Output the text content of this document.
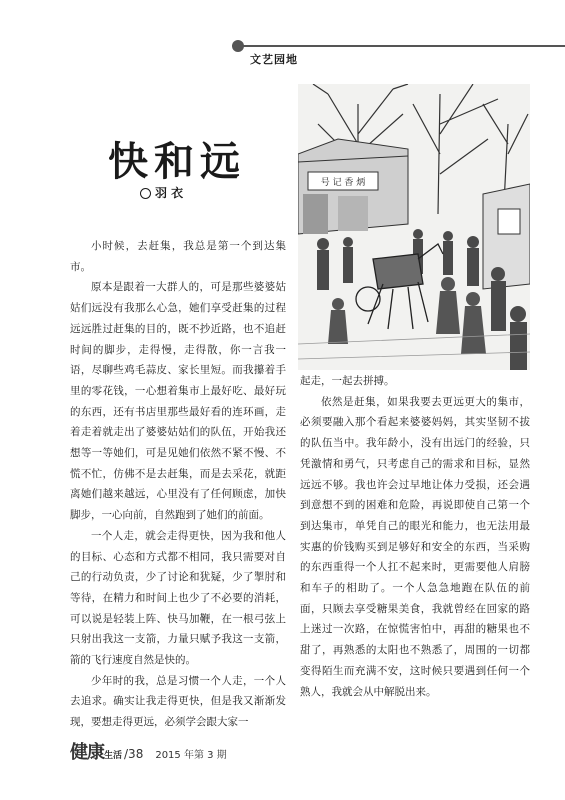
文艺园地
快和远
羽 衣
号 记 香 炳

小时候，去赶集，我总是第一个到达集市。

原本是跟着一大群人的，可是那些婆婆姑姑们远没有我那么心急，她们享受赶集的过程远远胜过赶集的目的，既不抄近路，也不追赶时间的脚步，走得慢，走得散，你一言我一语，尽聊些鸡毛蒜皮、家长里短。而我攥着手里的零花钱，一心想着集市上最好吃、最好玩的东西，还有书店里那些最好看的连环画，走着走着就走出了婆婆姑姑们的队伍，开始我还想等一等她们，可是见她们依然不紧不慢、不慌不忙，仿佛不是去赶集，而是去采花，就距离她们越来越远，心里没有了任何顾虑，加快脚步，一心向前，自然跑到了她们的前面。

一个人走，就会走得更快，因为我和他人的目标、心态和方式都不相同，我只需要对自己的行动负责，少了讨论和犹疑，少了掣肘和等待，在精力和时间上也少了不必要的消耗，可以说是轻装上阵、快马加鞭，在一根弓弦上只射出我这一支箭，力量只赋予我这一支箭，箭的飞行速度自然是快的。

少年时的我，总是习惯一个人走，一个人去追求。确实让我走得更快，但是我又渐渐发现，要想走得更远，必须学会跟大家一

起走，一起去拼搏。

依然是赶集，如果我要去更远更大的集市，必须要融入那个看起来婆婆妈妈，其实坚韧不拔的队伍当中。我年龄小，没有出远门的经验，只凭激情和勇气，只考虑自己的需求和目标，显然远远不够。我也许会过早地让体力受损，还会遇到意想不到的困难和危险，再说即使自己第一个到达集市，单凭自己的眼光和能力，也无法用最实惠的价钱购买到足够好和安全的东西，当采购的东西重得一个人扛不起来时，更需要他人肩膀和车子的相助了。一个人急急地跑在队伍的前面，只顾去享受糖果美食，我就曾经在回家的路上迷过一次路，在惊慌害怕中，再甜的糖果也不甜了，再熟悉的太阳也不熟悉了，周围的一切都变得陌生而充满不安，这时候只要遇到任何一个熟人，我就会从中解脱出来。

健康 生活 /38 2015 年第 3 期
